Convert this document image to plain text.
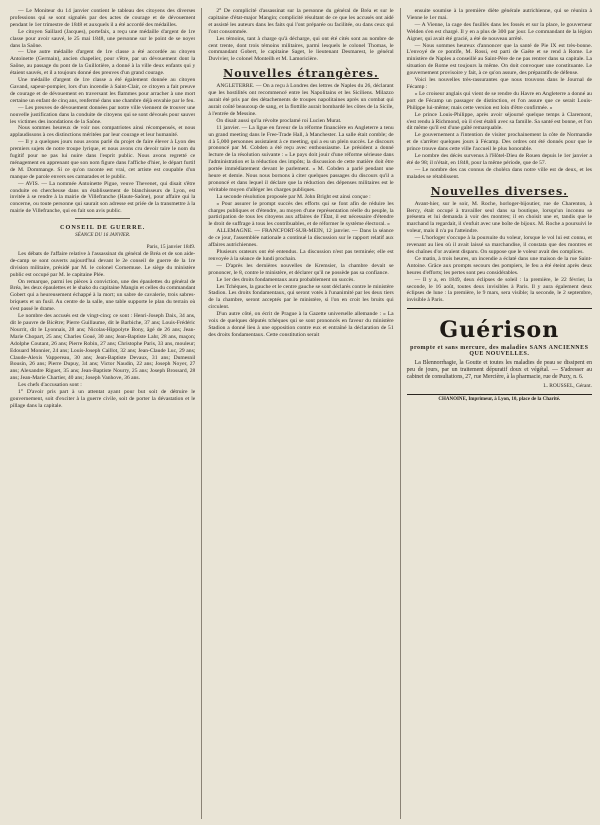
— Le Moniteur du 14 janvier contient le tableau des citoyens des diverses professions qui se sont signalés par des actes de courage et de dévouement pendant le 1er trimestre de 1848 et auxquels il a été accordé des médailles.

Le citoyen Saillard (Jacques), portefaix, a reçu une médaille d'argent de 1re classe pour avoir sauvé, le 25 mai 1848, une personne sur le point de se noyer dans la Saône.

— Une autre médaille d'argent de 1re classe a été accordée au citoyen Antoinette (Germain), ancien chapelier, pour s'être, par un dévouement dont la Saône, au passage du pont de la Guillotière, a donné à la ville deux enfants qui y étaient sauvés, et il a toujours donné des preuves d'un grand courage.

Une médaille d'argent de 1re classe a été également donnée au citoyen Gavand, sapeur-pompier, lors d'un incendie à Saint-Clair, ce citoyen a fait preuve de courage et de dévouement en traversant les flammes pour arracher à une mort certaine un enfant de cinq ans, renfermé dans une chambre déjà envahie par le feu.

— Les preuves de dévouement données par notre ville viennent de trouver une nouvelle justification dans la conduite de citoyens qui se sont dévoués pour sauver les victimes des inondations de la Saône.

Nous sommes heureux de voir nos compatriotes ainsi récompensés, et nous applaudissons à ces distinctions méritées par leur courage et leur humanité.

— Il y a quelques jours nous avons parlé du projet de faire élever à Lyon des premiers sujets de notre troupe lyrique, et nous avons cru devoir taire le nom du fugitif pour ne pas lui nuire dans l'esprit public. Nous avons regretté ce ménagement en apprenant que son nom figure dans l'affiche d'hier, le départ furtif de M. Dommange. Si ce qu'on raconte est vrai, cet artiste est coupable d'un manque de parole envers ses camarades et le public.

— AVIS. — La nommée Antoinette Pigue, veuve Thevenet, qui disait s'être conduite en chercheuse dans un établissement de blanchisseurs de Lyon, est invitée à se rendre à la mairie de Villefranche (Haute-Saône), pour affaire qui la concerne, ou toute personne qui saurait son adresse est priée de la transmettre à la mairie de Villefranche, qui en fait son avis public.

CONSEIL DE GUERRE.

SÉANCE DU 16 JANVIER.

Paris, 15 janvier 1849.

Les débats de l'affaire relative à l'assassinat du général de Bréa et de son aide-de-camp se sont ouverts aujourd'hui devant le 2e conseil de guerre de la 1re division militaire, présidé par M. le colonel Cornemuse. Le siège du ministère public est occupé par M. le capitaine Plée.

On remarque, parmi les pièces à conviction, une des épaulettes du général de Bréa, les deux épaulettes et le shako du capitaine Mangin et celles du commandant Gobert qui a heureusement échappé à la mort; un sabre de cavalerie, trois sabres-briquets et un fusil. Au centre de la salle, une table supporte le plan du terrain où s'est passé le drame.

Le nombre des accusés est de vingt-cinq; ce sont : Henri-Joseph Daix, 34 ans, dit le pauvre de Bicêtre; Pierre Guillaume, dit le Barbiche, 37 ans; Louis-Frédéric Nourrit, dit le Lyonnais, 28 ans; Nicolas-Hippolyte Bony, âgé de 26 ans; Jean-Marie Chopart, 25 ans; Charles Goué, 30 ans; Jean-Baptiste Lahr, 28 ans, maçon; Adolphe Coutant, 26 ans; Pierre Robin, 27 ans; Christophe Paris, 33 ans, mouleur; Edouard Monnier, 24 ans; Louis-Joseph Caillot, 32 ans; Jean-Claude Luc, 29 ans; Claude-Alexis Vappereau, 30 ans; Jean-Baptiste Devaux, 31 ans; Dumesnil Bousin, 26 ans; Pierre Dupuy, 34 ans; Victor Naudin, 22 ans; Joseph Noyer, 27 ans; Alexandre Riguet, 35 ans; Jean-Baptiste Nourry, 25 ans; Joseph Brossard, 28 ans; Jean-Marie Chartier, 40 ans; Joseph Vanhove, 36 ans.

Les chefs d'accusation sont :

1° D'avoir pris part à un attentat ayant pour but soit de détruire le gouvernement, soit d'exciter à la guerre civile, soit de porter la dévastation et le pillage dans la capitale.

2° De complicité d'assassinat sur la personne du général de Bréa et sur le capitaine d'état-major Mangin; complicité résultant de ce que les accusés ont aidé et assisté les auteurs dans les faits qui l'ont préparée ou facilitée, ou dans ceux qui l'ont consommée.

Les témoins, tant à charge qu'à décharge, qui ont été cités sont au nombre de cent trente, dont trois témoins militaires, parmi lesquels le colonel Thomas, le commandant Gobert, le capitaine Saget, le lieutenant Desmarest, le général Duvivier, le colonel Monteilh et M. Lamoricière.

Nouvelles étrangères.

ANGLETERRE. — On a reçu à Londres des lettres de Naples du 26, déclarant que les hostilités ont recommencé entre les Napolitains et les Siciliens. Milazzo aurait été pris par des détachements de troupes napolitaines après un combat qui aurait coûté beaucoup de sang, et la flottille aurait bombardé les côtes de la Sicile, à l'entrée de Messine.

On disait aussi qu'la révolte proclamé roi Lucien Murat.

11 janvier. — La ligue en faveur de la réforme financière en Angleterre a tenu un grand meeting dans le Free-Trade Hall, à Manchester. La salle était comble; de 4 à 5,000 personnes assistaient à ce meeting, qui a eu un plein succès. Le discours prononcé par M. Cobden a été reçu avec enthousiasme. Le président a donné lecture de la résolution suivante : « Le pays doit jouir d'une réforme sérieuse dans l'administration et la réduction des impôts; la discussion de cette matière doit être portée immédiatement devant le parlement. » M. Cobden a parlé pendant une heure et demie. Nous nous bornons à citer quelques passages du discours qu'il a prononcé et dans lequel il déclare que la réduction des dépenses militaires est le véritable moyen d'alléger les charges publiques.

La seconde résolution proposée par M. John Bright est ainsi conçue :

« Pour assurer le prompt succès des efforts qui se font afin de réduire les charges publiques et d'étendre, au moyen d'une représentation réelle du peuple, la participation de tous les citoyens aux affaires de l'État, il est nécessaire d'étendre le droit de suffrage à tous les contribuables, et de réformer le système électoral. »

ALLEMAGNE. — FRANCFORT-SUR-MEIN, 12 janvier. — Dans la séance de ce jour, l'assemblée nationale a continué la discussion sur le rapport relatif aux affaires autrichiennes.

Plusieurs orateurs ont été entendus. La discussion n'est pas terminée; elle est renvoyée à la séance de lundi prochain.

— D'après les dernières nouvelles de Kremsier, la chambre devait se prononcer, le 8, contre le ministère, et déclarer qu'il ne possède pas sa confiance.

Le 1er des droits fondamentaux aura probablement un succès.

Les Tchèques, la gauche et le centre gauche se sont déclarés contre le ministère Stadion. Les droits fondamentaux, qui seront votés à l'unanimité par les deux tiers de la chambre, seront acceptés par le ministère, si l'on en croit les bruits qui circulent.

D'un autre côté, on écrit de Prague à la Gazette universelle allemande : « La voix de quelques députés tchèques qui se sont prononcés en faveur du ministère Stadion a donné lieu à une opposition contre eux et entraîné la déclaration de 51 des droits fondamentaux. Cette constitution serait

ensuite soumise à la première diète générale autrichienne, qui se réunira à Vienne le 1er mai.

— A Vienne, la cage des fusillés dans les fossés et sur la place, le gouverneur Welden s'en est chargé. Il y en a plus de 300 par jour. Le commandant de la légion Aigner, qui avait été gracié, a été de nouveau arrêté.

— Nous sommes heureux d'annoncer que la santé de Pie IX est très-bonne. L'envoyé de ce pontife, M. Rossi, est parti de Gaëte et se rend à Rome. Le ministère de Naples a conseillé au Saint-Père de ne pas rentrer dans sa capitale. La situation de Rome est toujours la même. On doit convoquer une constituante. Le gouvernement provisoire y fait, à ce qu'on assure, des préparatifs de défense.

Voici les nouvelles très-rassurantes que nous trouvons dans le Journal de Fécamp :

« Le croiseur anglais qui vient de se rendre du Havre en Angleterre a donné au port de Fécamp un passager de distinction, et l'on assure que ce serait Louis-Philippe lui-même; mais cette version est loin d'être confirmée. »

Le prince Louis-Philippe, après avoir séjourné quelque temps à Claremont, s'est rendu à Richmond, où il s'est établi avec sa famille. Sa santé est bonne, et l'on dit même qu'il est d'une gaîté remarquable.

Le gouvernement a l'intention de visiter prochainement la côte de Normandie et de s'arrêter quelques jours à Fécamp. Des ordres ont été donnés pour que le prince trouve dans cette ville l'accueil le plus honorable.

Le nombre des décès survenus à l'Hôtel-Dieu de Rouen depuis le 1er janvier a été de 98; il n'était, en 1848, pour la même période, que de 57.

— Le nombre des cas connus de choléra dans notre ville est de deux, et les malades se rétablissent.

Nouvelles diverses.

Avant-hier, sur le soir, M. Roche, horloger-bijoutier, rue de Charenton, à Bercy, était occupé à travailler seul dans sa boutique, lorsqu'un inconnu se présenta et lui demanda à voir des montres; il en choisit une et, tandis que le marchand la regardait, il s'enfuit avec une boîte de bijoux. M. Roche a poursuivi le voleur, mais il n'a pu l'atteindre.

— L'horloger s'occupe à la poursuite du voleur, lorsque le vol lui est connu, et revenant au lieu où il avait laissé sa marchandise, il constata que des montres et des chaînes d'or avaient disparu. On suppose que le voleur avait des complices.

Ce matin, à trois heures, un incendie a éclaté dans une maison de la rue Saint-Antoine. Grâce aux prompts secours des pompiers, le feu a été éteint après deux heures d'efforts; les pertes sont peu considérables.

— Il y a, en 1849, deux éclipses de soleil : la première, le 22 février, la seconde, le 16 août, toutes deux invisibles à Paris. Il y aura également deux éclipses de lune : la première, le 9 mars, sera visible; la seconde, le 2 septembre, invisible à Paris.

Guérison
prompte et sans mercure, des maladies SANS ANCIENNES QUE NOUVELLES.

La Blennorrhagie, la Goutte et toutes les maladies de peau se dissipent en peu de jours, par un traitement dépuratif doux et végétal. — S'adresser au cabinet de consultations, 27, rue Mercière, à la pharmacie, rue de Puzy, n. 6.

L. ROUSSEL, Gérant.

CHANOINE, Imprimeur, à Lyon, 10, place de la Charité.
